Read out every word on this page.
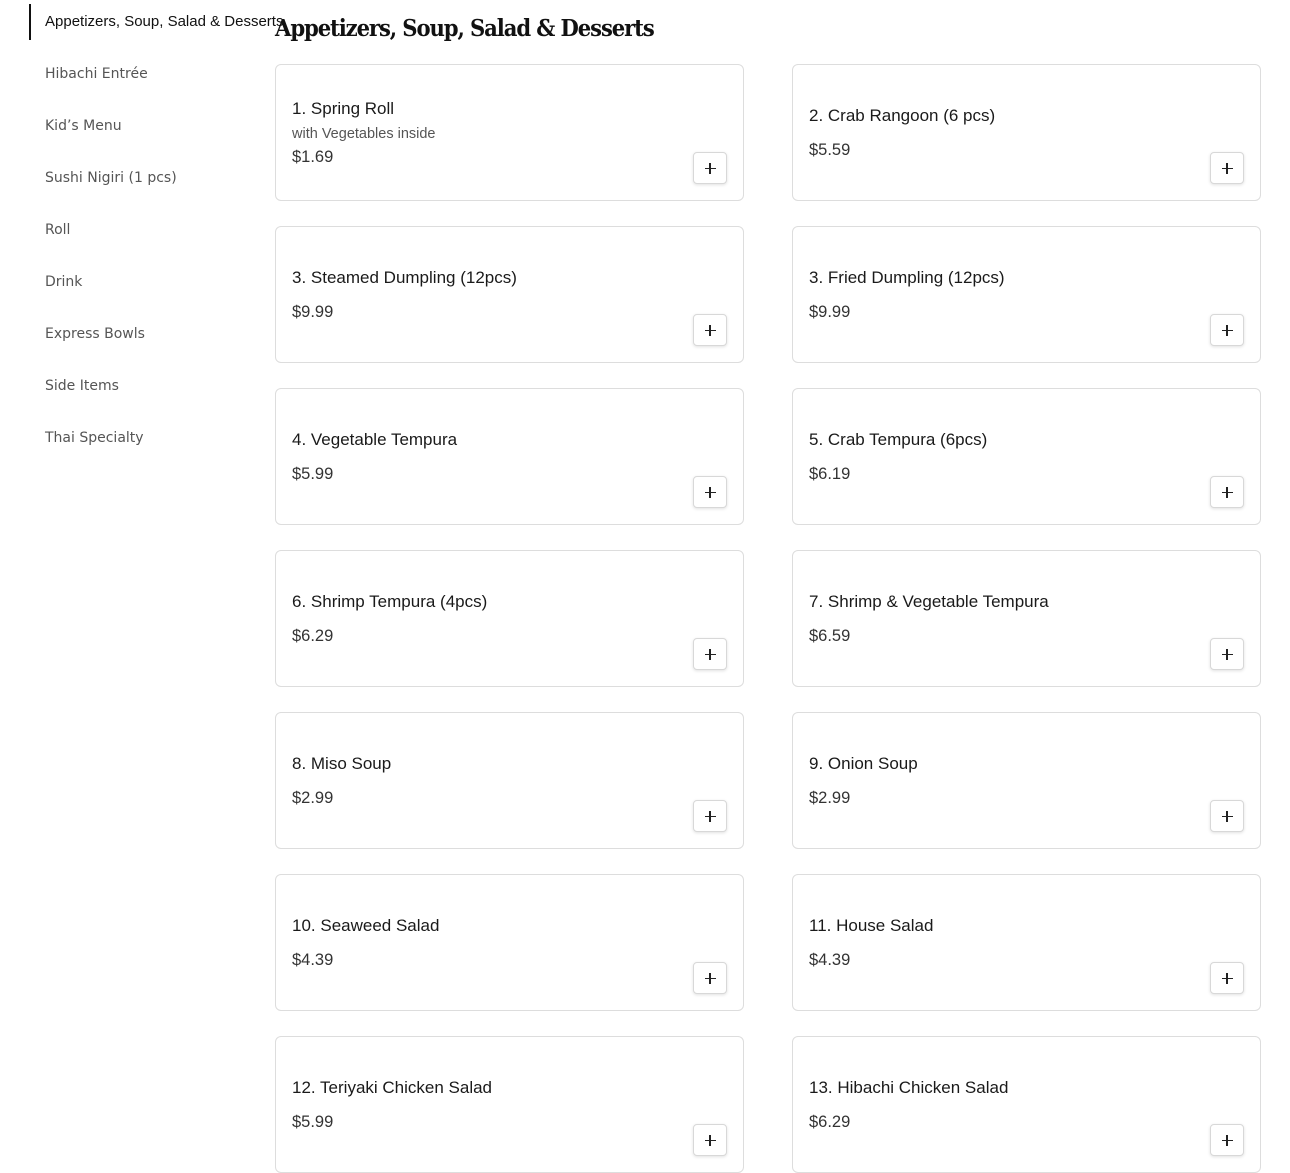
Appetizers, Soup, Salad & Desserts
Hibachi Entrée
Kid’s Menu
Sushi Nigiri (1 pcs)
Roll
Drink
Express Bowls
Side Items
Thai Specialty
Appetizers, Soup, Salad & Desserts
1. Spring Roll
with Vegetables inside
$1.69
2. Crab Rangoon (6 pcs)
$5.59
3. Steamed Dumpling (12pcs)
$9.99
3. Fried Dumpling (12pcs)
$9.99
4. Vegetable Tempura
$5.99
5. Crab Tempura (6pcs)
$6.19
6. Shrimp Tempura (4pcs)
$6.29
7. Shrimp & Vegetable Tempura
$6.59
8. Miso Soup
$2.99
9. Onion Soup
$2.99
10. Seaweed Salad
$4.39
11. House Salad
$4.39
12. Teriyaki Chicken Salad
$5.99
13. Hibachi Chicken Salad
$6.29
